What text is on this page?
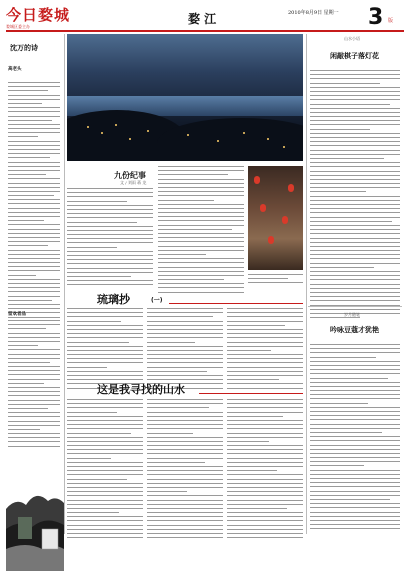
今日婺城
婺城区委主办
婺 江	2010年8月9日 星期一 3 版
沈万的诗
高老头
留欢者品
九份纪事
文 / 刘雨 蒋 龙
琉璃抄	(一)
这是我寻找的山水
山水小语
闲敲棋子落灯花
岁月随笔
吟咏豆蔻才犹艳
